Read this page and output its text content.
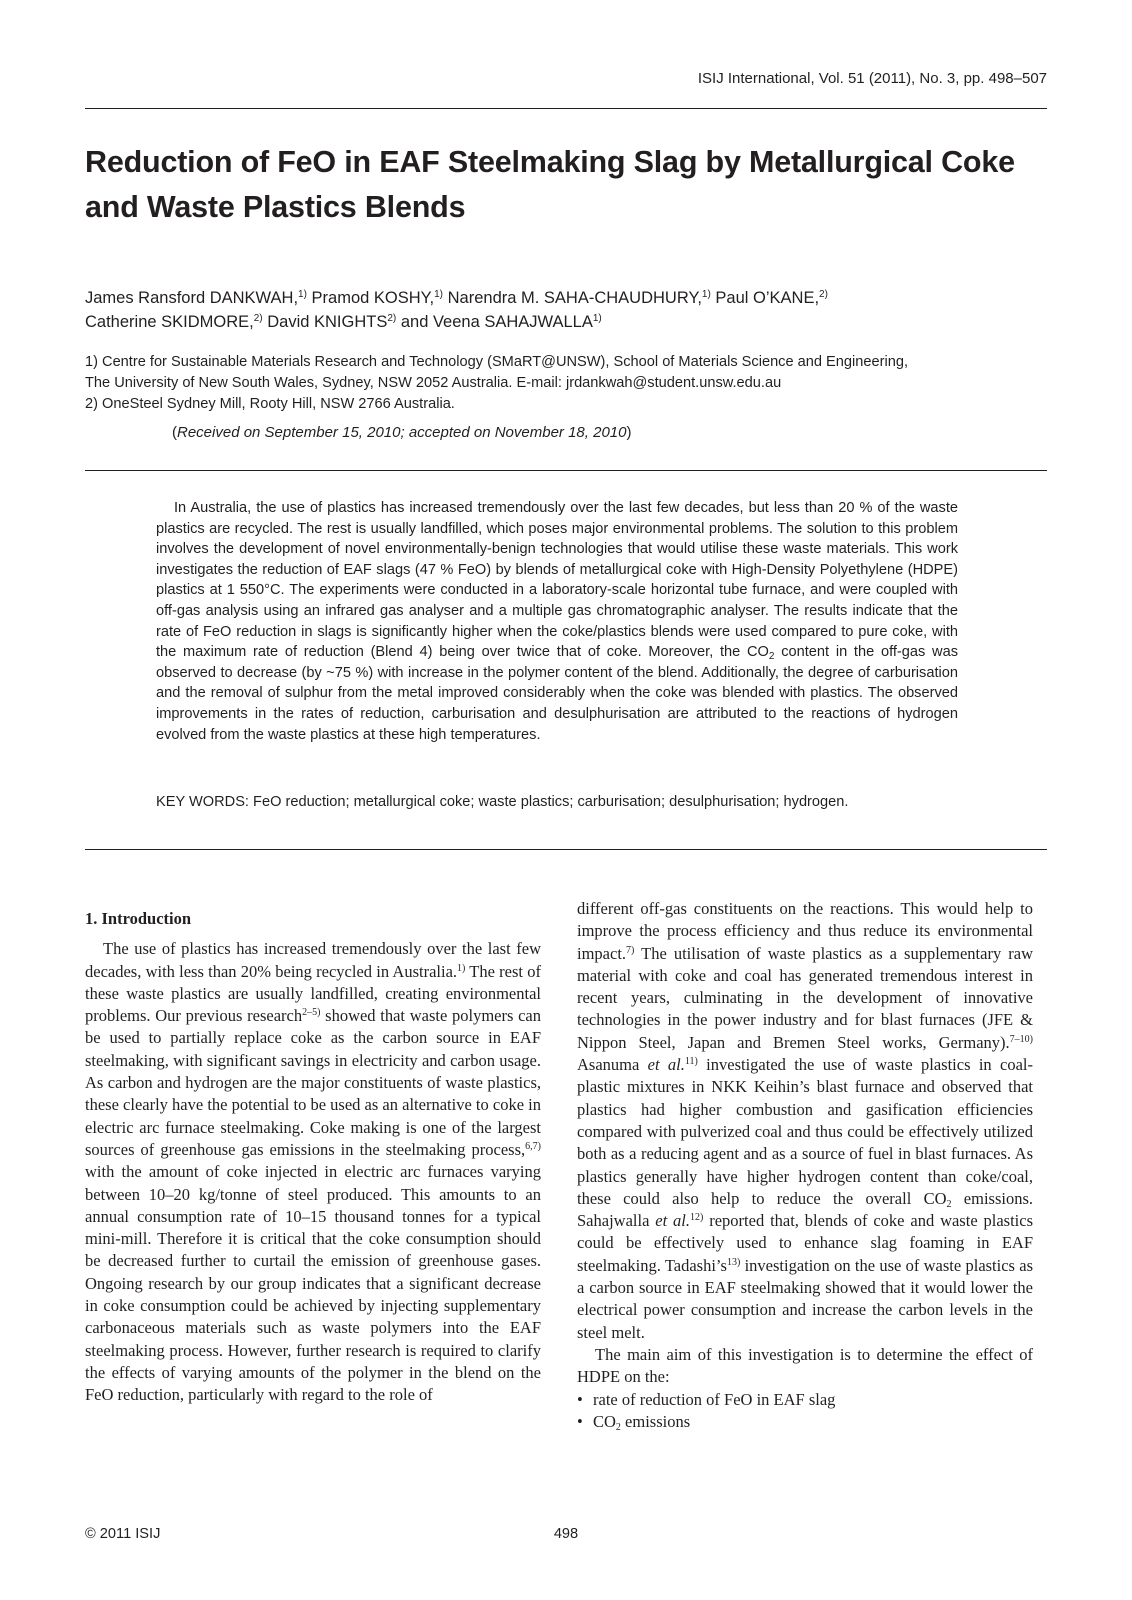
ISIJ International, Vol. 51 (2011), No. 3, pp. 498–507
Reduction of FeO in EAF Steelmaking Slag by Metallurgical Coke
and Waste Plastics Blends
James Ransford DANKWAH,$^{1)}$ Pramod KOSHY,$^{1)}$ Narendra M. SAHA-CHAUDHURY,$^{1)}$ Paul O’KANE,$^{2)}$
Catherine SKIDMORE,$^{2)}$ David KNIGHTS$^{2)}$ and Veena SAHAJWALLA$^{1)}$
1) Centre for Sustainable Materials Research and Technology (SMaRT@UNSW), School of Materials Science and Engineering,
The University of New South Wales, Sydney, NSW 2052 Australia. E-mail: jrdankwah@student.unsw.edu.au
2) OneSteel Sydney Mill, Rooty Hill, NSW 2766 Australia.
(Received on September 15, 2010; accepted on November 18, 2010)
In Australia, the use of plastics has increased tremendously over the last few decades, but less than 20 % of the waste plastics are recycled. The rest is usually landfilled, which poses major environmental problems. The solution to this problem involves the development of novel environmentally-benign technologies that would utilise these waste materials. This work investigates the reduction of EAF slags (47 % FeO) by blends of metallurgical coke with High-Density Polyethylene (HDPE) plastics at 1 550°C. The experiments were conducted in a laboratory-scale horizontal tube furnace, and were coupled with off-gas analysis using an infrared gas analyser and a multiple gas chromatographic analyser. The results indicate that the rate of FeO reduction in slags is significantly higher when the coke/plastics blends were used compared to pure coke, with the maximum rate of reduction (Blend 4) being over twice that of coke. Moreover, the $CO_2$ content in the off-gas was observed to decrease (by ~75 %) with increase in the polymer content of the blend. Additionally, the degree of carburisation and the removal of sulphur from the metal improved considerably when the coke was blended with plastics. The observed improvements in the rates of reduction, carburisation and desulphurisation are attributed to the reactions of hydrogen evolved from the waste plastics at these high temperatures.
KEY WORDS: FeO reduction; metallurgical coke; waste plastics; carburisation; desulphurisation; hydrogen.

1. Introduction

The use of plastics has increased tremendously over the last few decades, with less than 20% being recycled in Australia.$^{1)}$ The rest of these waste plastics are usually landfilled, creating environmental problems. Our previous research$^{2-5)}$ showed that waste polymers can be used to partially replace coke as the carbon source in EAF steelmaking, with significant savings in electricity and carbon usage. As carbon and hydrogen are the major constituents of waste plastics, these clearly have the potential to be used as an alternative to coke in electric arc furnace steelmaking. Coke making is one of the largest sources of greenhouse gas emissions in the steelmaking process,$^{6,7)}$ with the amount of coke injected in electric arc furnaces varying between 10–20 kg/tonne of steel produced. This amounts to an annual consumption rate of 10–15 thousand tonnes for a typical mini-mill. Therefore it is critical that the coke consumption should be decreased further to curtail the emission of greenhouse gases. Ongoing research by our group indicates that a significant decrease in coke consumption could be achieved by injecting supplementary carbonaceous materials such as waste polymers into the EAF steelmaking process. However, further research is required to clarify the effects of varying amounts of the polymer in the blend on the FeO reduction, particularly with regard to the role of

different off-gas constituents on the reactions. This would help to improve the process efficiency and thus reduce its environmental impact.$^{7)}$ The utilisation of waste plastics as a supplementary raw material with coke and coal has generated tremendous interest in recent years, culminating in the development of innovative technologies in the power industry and for blast furnaces (JFE & Nippon Steel, Japan and Bremen Steel works, Germany).$^{7-10)}$ Asanuma et al.$^{11)}$ investigated the use of waste plastics in coal-plastic mixtures in NKK Keihin’s blast furnace and observed that plastics had higher combustion and gasification efficiencies compared with pulverized coal and thus could be effectively utilized both as a reducing agent and as a source of fuel in blast furnaces. As plastics generally have higher hydrogen content than coke/coal, these could also help to reduce the overall $CO_2$ emissions. Sahajwalla et al.$^{12)}$ reported that, blends of coke and waste plastics could be effectively used to enhance slag foaming in EAF steelmaking. $Tadashi’s^{13)}$ investigation on the use of waste plastics as a carbon source in EAF steelmaking showed that it would lower the electrical power consumption and increase the carbon levels in the steel melt.

The main aim of this investigation is to determine the effect of HDPE on the:

• rate of reduction of FeO in EAF slag

• $CO_2$ emissions

© 2011 ISIJ	498
